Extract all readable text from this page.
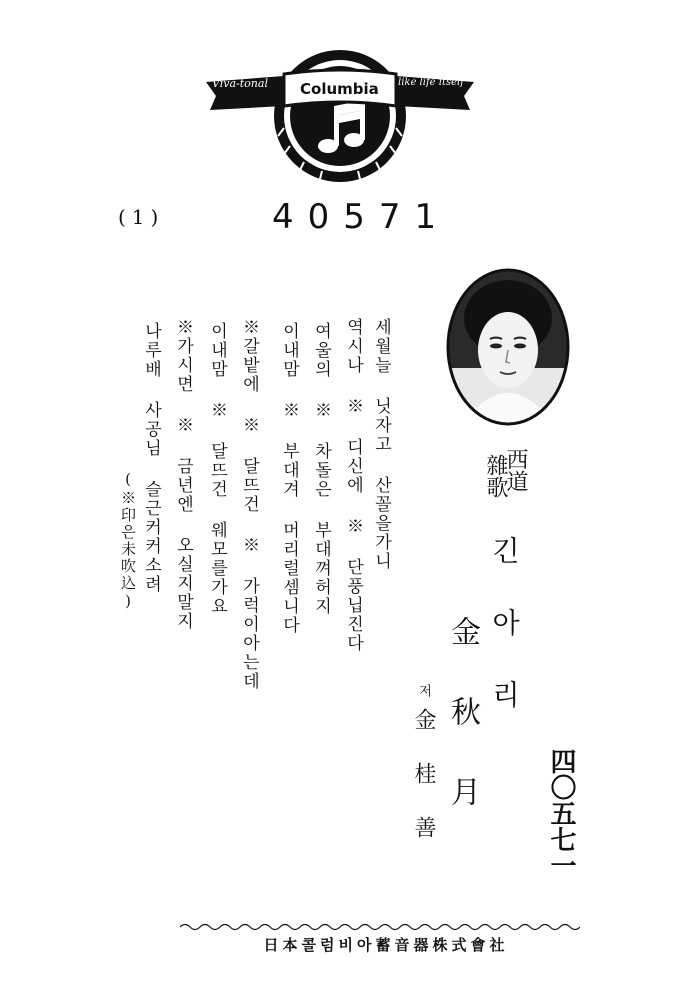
Viva-tonal Columbia like life itself
(1)	40571
세월늘 닛자고 산꼴을가니
역시나 ※ 디신에 ※ 단풍닙진다
여울의 ※ 차돌은 부대껴허지
이내맘 ※ 부대겨 머리럴셈니다
※갈밭에 ※ 달뜨건 ※ 가럭이아는데
이내맘 ※ 달뜨건 웨모를가요
※가시면 ※ 금년엔 오실지말지
나루배 사공님 슬근커커소려
(※印은未吹込)	西道
雜歌
긴아리
金秋月
저
金桂善	四〇五七一
日本콜럼비아蓄音器株式會社
